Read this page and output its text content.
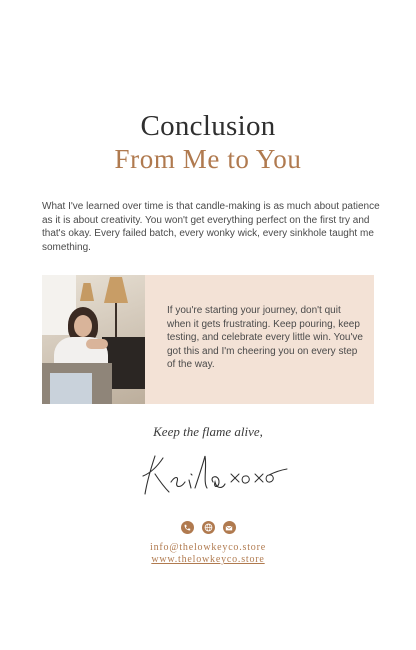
Conclusion
From Me to You

What I've learned over time is that candle-making is as much about patience as it is about creativity. You won't get everything perfect on the first try and that's okay. Every failed batch, every wonky wick, every sinkhole taught me something.

If you're starting your journey, don't quit when it gets frustrating. Keep pouring, keep testing, and celebrate every little win. You've got this and I'm cheering you on every step of the way.

Keep the flame alive,
info@thelowkeyco.store
www.thelowkeyco.store
